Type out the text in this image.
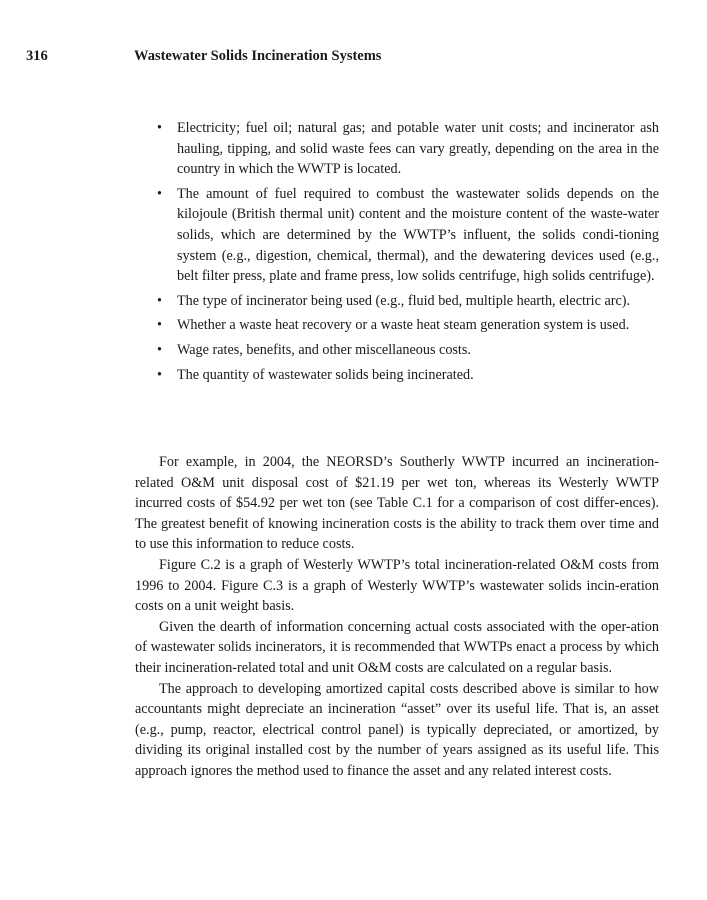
316	Wastewater Solids Incineration Systems
• Electricity; fuel oil; natural gas; and potable water unit costs; and incinerator ash hauling, tipping, and solid waste fees can vary greatly, depending on the area in the country in which the WWTP is located.
• The amount of fuel required to combust the wastewater solids depends on the kilojoule (British thermal unit) content and the moisture content of the waste-water solids, which are determined by the WWTP’s influent, the solids condi-tioning system (e.g., digestion, chemical, thermal), and the dewatering devices used (e.g., belt filter press, plate and frame press, low solids centrifuge, high solids centrifuge).
• The type of incinerator being used (e.g., fluid bed, multiple hearth, electric arc).
• Whether a waste heat recovery or a waste heat steam generation system is used.
• Wage rates, benefits, and other miscellaneous costs.
• The quantity of wastewater solids being incinerated.

For example, in 2004, the NEORSD’s Southerly WWTP incurred an incineration-related O&M unit disposal cost of $21.19 per wet ton, whereas its Westerly WWTP incurred costs of $54.92 per wet ton (see Table C.1 for a comparison of cost differ-ences). The greatest benefit of knowing incineration costs is the ability to track them over time and to use this information to reduce costs.

Figure C.2 is a graph of Westerly WWTP’s total incineration-related O&M costs from 1996 to 2004. Figure C.3 is a graph of Westerly WWTP’s wastewater solids incin-eration costs on a unit weight basis.

Given the dearth of information concerning actual costs associated with the oper-ation of wastewater solids incinerators, it is recommended that WWTPs enact a process by which their incineration-related total and unit O&M costs are calculated on a regular basis.

The approach to developing amortized capital costs described above is similar to how accountants might depreciate an incineration “asset” over its useful life. That is, an asset (e.g., pump, reactor, electrical control panel) is typically depreciated, or amortized, by dividing its original installed cost by the number of years assigned as its useful life. This approach ignores the method used to finance the asset and any related interest costs.
